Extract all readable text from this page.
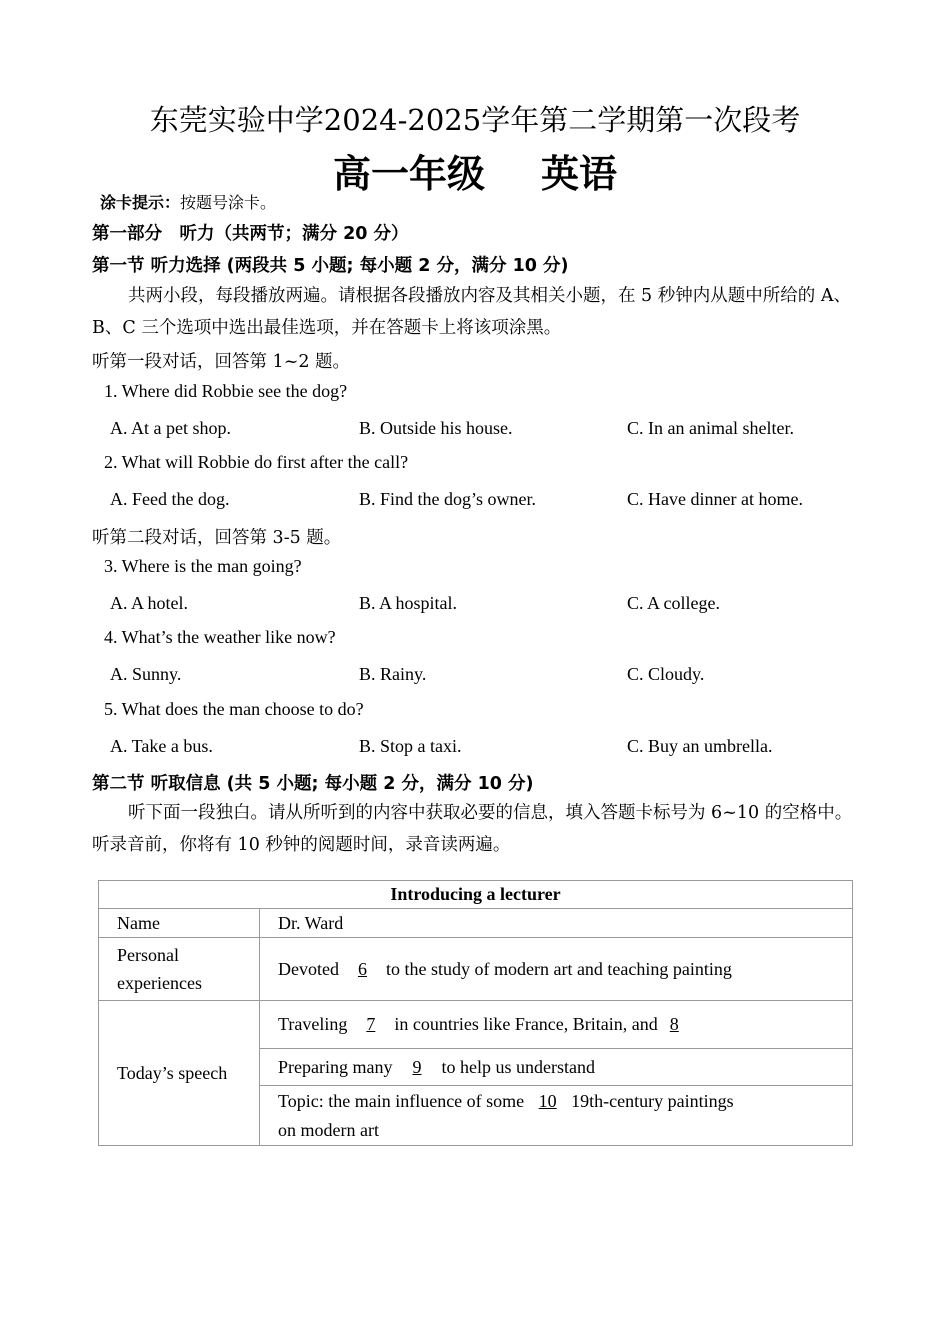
东莞实验中学2024-2025学年第二学期第一次段考
高一年级 英语
涂卡提示：按题号涂卡。
第一部分　听力（共两节；满分 20 分）
第一节 听力选择 (两段共 5 小题; 每小题 2 分，满分 10 分)
共两小段，每段播放两遍。请根据各段播放内容及其相关小题，在 5 秒钟内从题中所给的 A、B、C 三个选项中选出最佳选项，并在答题卡上将该项涂黑。
听第一段对话，回答第 1~2 题。
1. Where did Robbie see the dog?
A. At a pet shop.	B. Outside his house.	C. In an animal shelter.
2. What will Robbie do first after the call?
A. Feed the dog.	B. Find the dog’s owner.	C. Have dinner at home.
听第二段对话，回答第 3-5 题。
3. Where is the man going?
A. A hotel.	B. A hospital.	C. A college.
4. What’s the weather like now?
A. Sunny.	B. Rainy.	C. Cloudy.
5. What does the man choose to do?
A. Take a bus.	B. Stop a taxi.	C. Buy an umbrella.
第二节 听取信息 (共 5 小题; 每小题 2 分，满分 10 分)
听下面一段独白。请从所听到的内容中获取必要的信息，填入答题卡标号为 6~10 的空格中。听录音前，你将有 10 秒钟的阅题时间，录音读两遍。
Introducing a lecturer	
Name	Dr. Ward
Personal
experiences	Devoted 6 to the study of modern art and teaching painting
Today’s speech	Traveling 7 in countries like France, Britain, and 8
	Preparing many 9 to help us understand
	Topic: the main influence of some 10 19th-century paintings
on modern art
